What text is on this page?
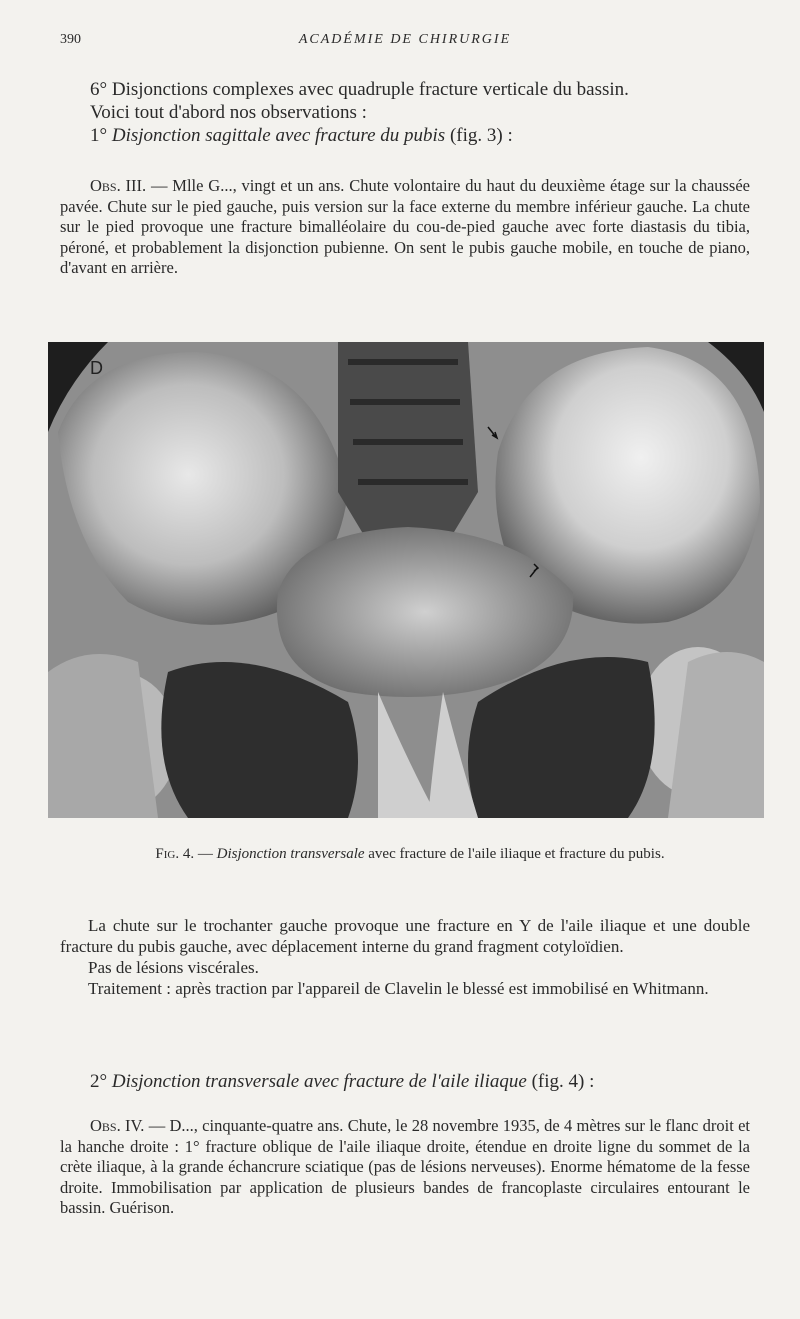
390	ACADÉMIE DE CHIRURGIE
6° Disjonctions complexes avec quadruple fracture verticale du bassin.
Voici tout d'abord nos observations :
1° Disjonction sagittale avec fracture du pubis (fig. 3) :

Obs. III. — Mlle G..., vingt et un ans. Chute volontaire du haut du deuxième étage sur la chaussée pavée. Chute sur le pied gauche, puis version sur la face externe du membre inférieur gauche. La chute sur le pied provoque une fracture bimalléolaire du cou-de-pied gauche avec forte diastasis du tibia, péroné, et probablement la disjonction pubienne. On sent le pubis gauche mobile, en touche de piano, d'avant en arrière.

D
Fig. 4. — Disjonction transversale avec fracture de l'aile iliaque et fracture du pubis.

La chute sur le trochanter gauche provoque une fracture en Y de l'aile iliaque et une double fracture du pubis gauche, avec déplacement interne du grand fragment cotyloïdien.

Pas de lésions viscérales.

Traitement : après traction par l'appareil de Clavelin le blessé est immobilisé en Whitmann.

2° Disjonction transversale avec fracture de l'aile iliaque (fig. 4) :

Obs. IV. — D..., cinquante-quatre ans. Chute, le 28 novembre 1935, de 4 mètres sur le flanc droit et la hanche droite : 1° fracture oblique de l'aile iliaque droite, étendue en droite ligne du sommet de la crète iliaque, à la grande échancrure sciatique (pas de lésions nerveuses). Enorme hématome de la fesse droite. Immobilisation par application de plusieurs bandes de francoplaste circulaires entourant le bassin. Guérison.
